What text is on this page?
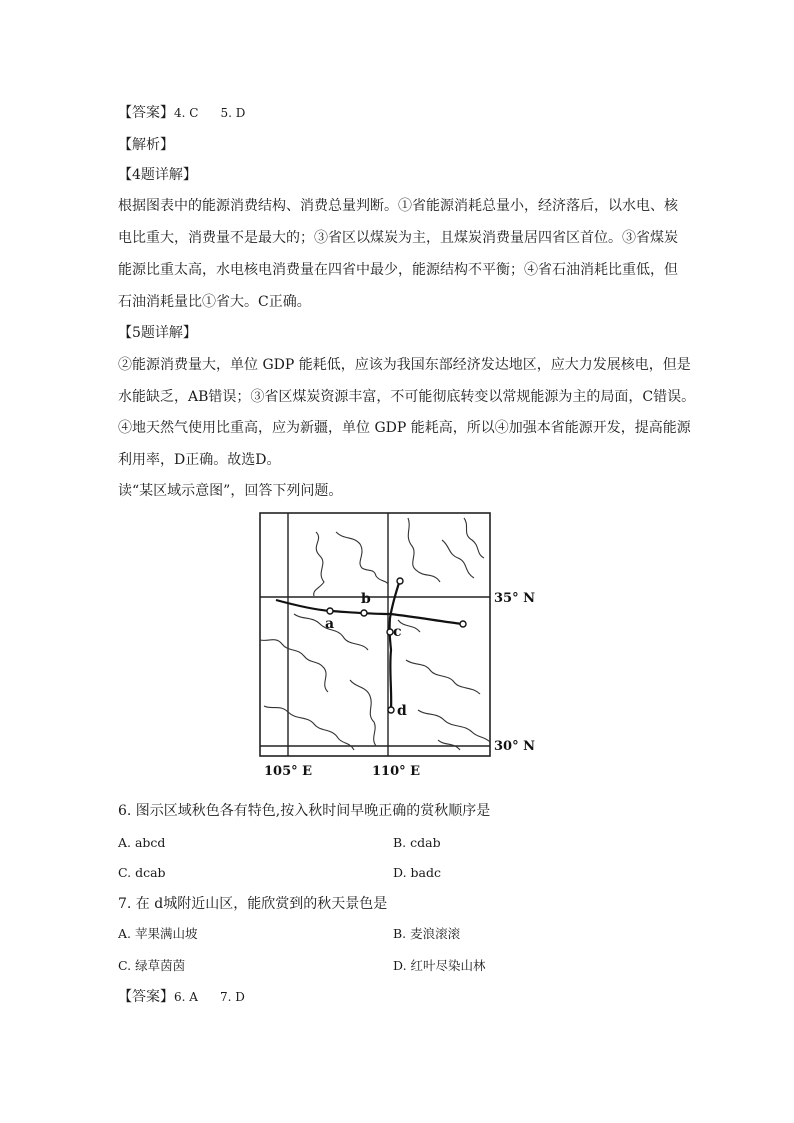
【答案】4. C 5. D
【解析】
【4题详解】
根据图表中的能源消费结构、消费总量判断。①省能源消耗总量小，经济落后，以水电、核
电比重大，消费量不是最大的；③省区以煤炭为主，且煤炭消费量居四省区首位。③省煤炭
能源比重太高，水电核电消费量在四省中最少，能源结构不平衡；④省石油消耗比重低，但
石油消耗量比①省大。C正确。
【5题详解】
②能源消费量大，单位 GDP 能耗低，应该为我国东部经济发达地区，应大力发展核电，但是
水能缺乏，AB错误；③省区煤炭资源丰富，不可能彻底转变以常规能源为主的局面，C错误。
④地天然气使用比重高，应为新疆，单位 GDP 能耗高，所以④加强本省能源开发，提高能源
利用率，D正确。故选D。
读“某区域示意图”，回答下列问题。
a
b
c
d
35° N
30° N
105° E	110° E
6. 图示区域秋色各有特色,按入秋时间早晚正确的赏秋顺序是
A. abcd	B. cdab
C. dcab	D. badc
7. 在 d城附近山区，能欣赏到的秋天景色是
A. 苹果满山坡	B. 麦浪滚滚
C. 绿草茵茵	D. 红叶尽染山林
【答案】6. A 7. D
